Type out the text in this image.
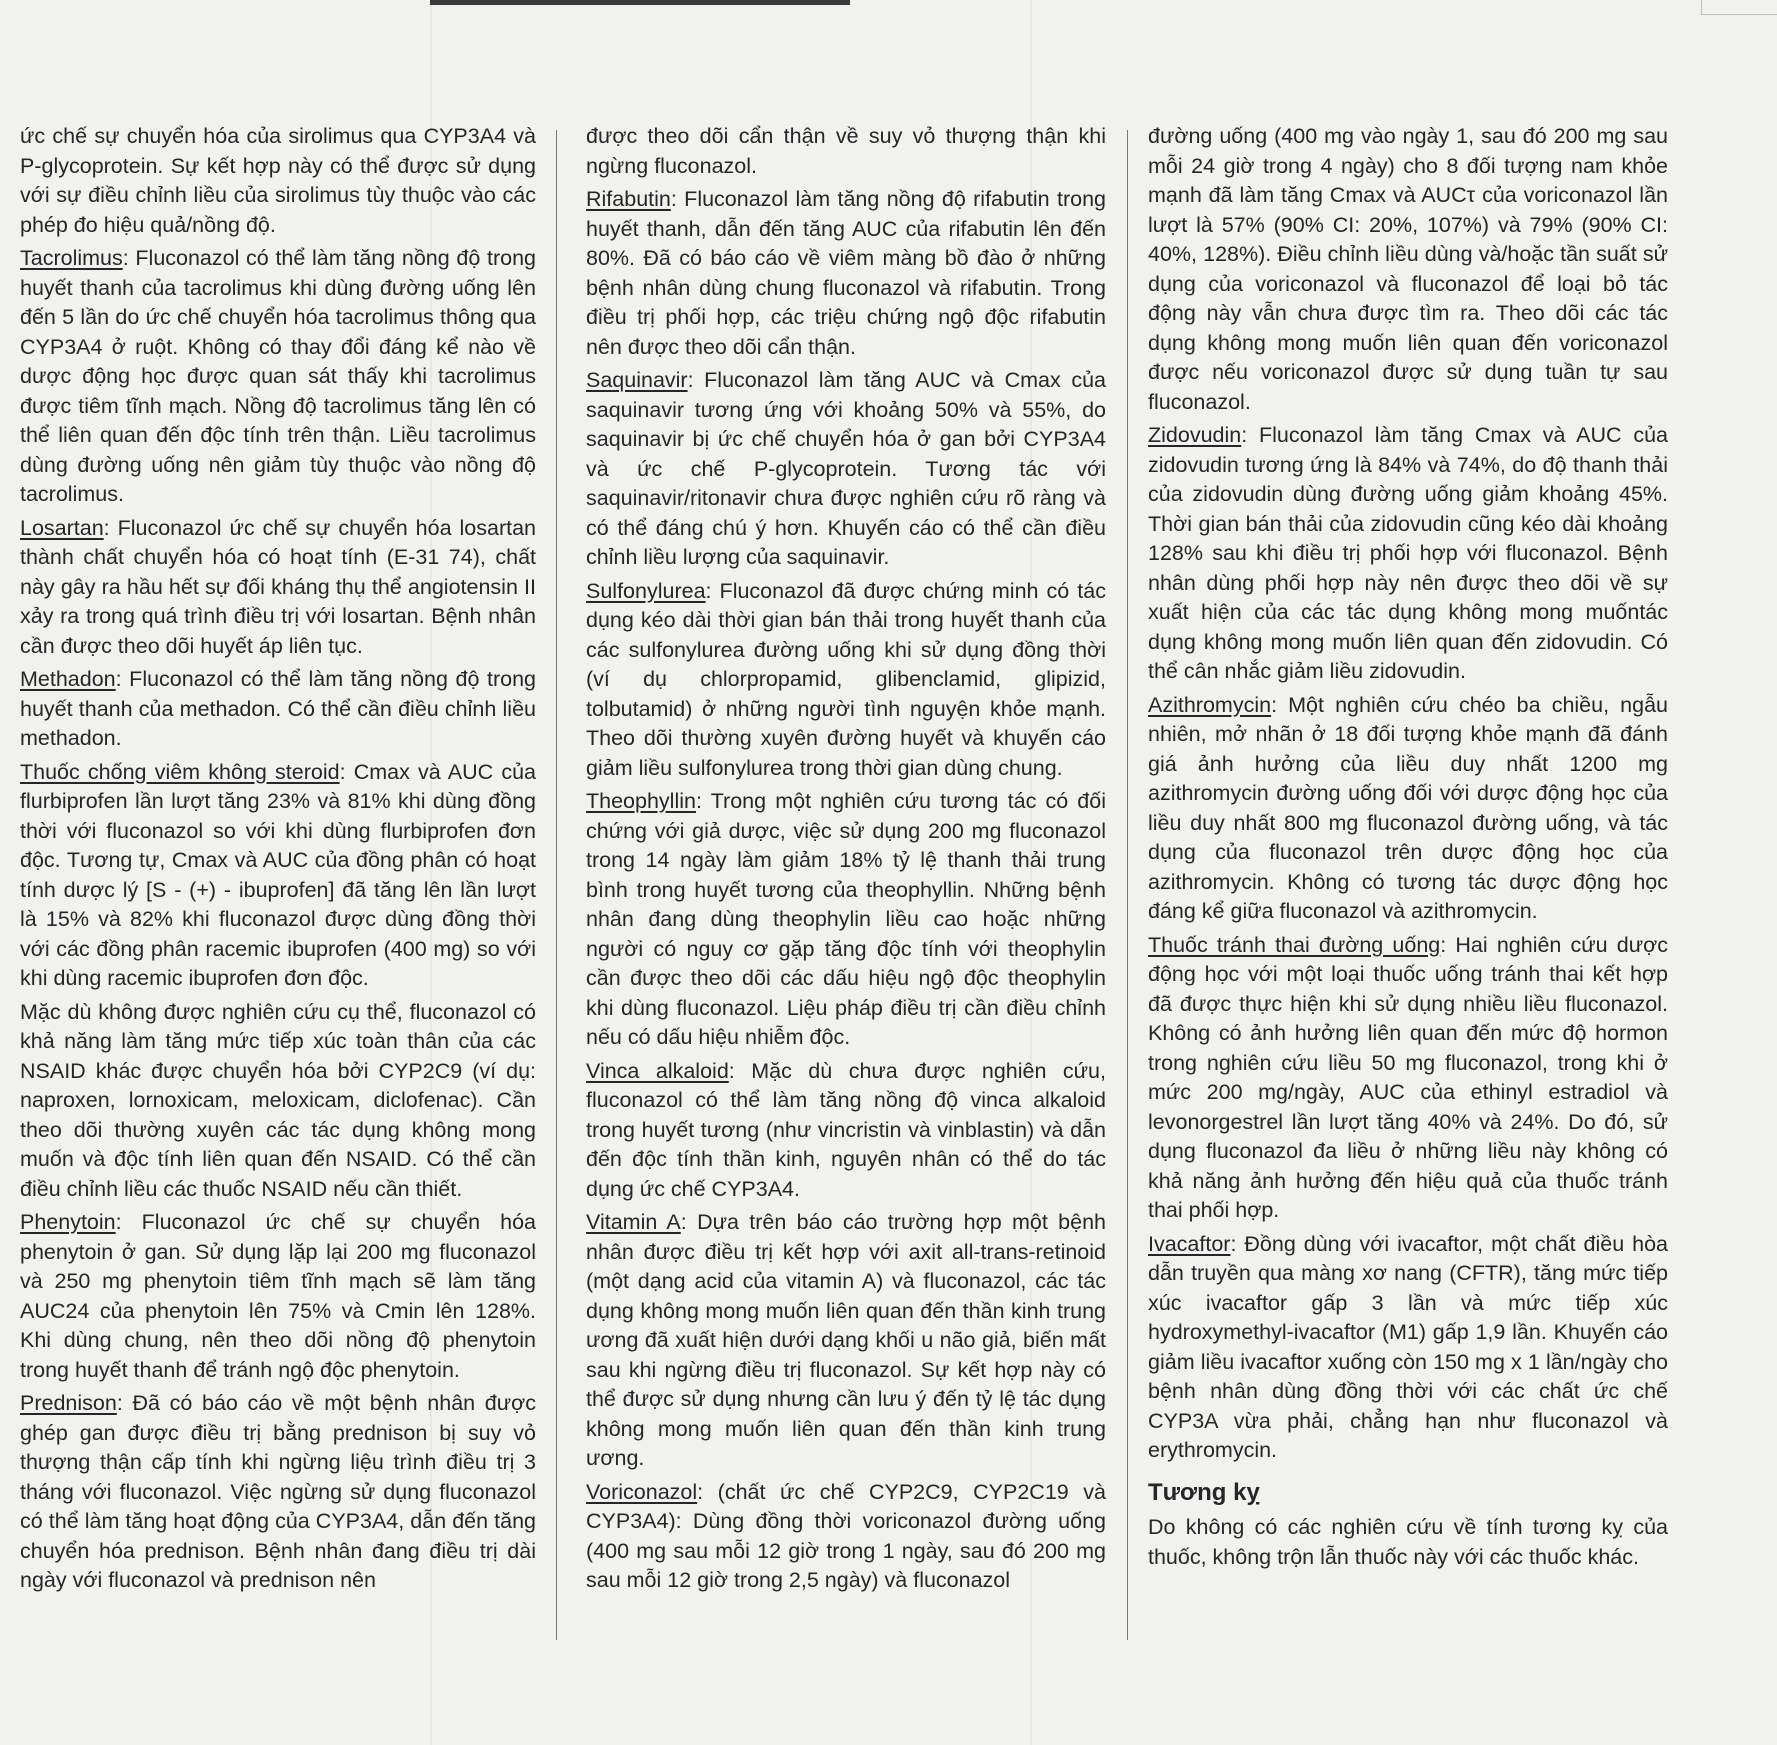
ức chế sự chuyển hóa của sirolimus qua CYP3A4 và P-glycoprotein. Sự kết hợp này có thể được sử dụng với sự điều chỉnh liều của sirolimus tùy thuộc vào các phép đo hiệu quả/nồng độ.

Tacrolimus: Fluconazol có thể làm tăng nồng độ trong huyết thanh của tacrolimus khi dùng đường uống lên đến 5 lần do ức chế chuyển hóa tacrolimus thông qua CYP3A4 ở ruột. Không có thay đổi đáng kể nào về dược động học được quan sát thấy khi tacrolimus được tiêm tĩnh mạch. Nồng độ tacrolimus tăng lên có thể liên quan đến độc tính trên thận. Liều tacrolimus dùng đường uống nên giảm tùy thuộc vào nồng độ tacrolimus.

Losartan: Fluconazol ức chế sự chuyển hóa losartan thành chất chuyển hóa có hoạt tính (E-31 74), chất này gây ra hầu hết sự đối kháng thụ thể angiotensin II xảy ra trong quá trình điều trị với losartan. Bệnh nhân cần được theo dõi huyết áp liên tục.

Methadon: Fluconazol có thể làm tăng nồng độ trong huyết thanh của methadon. Có thể cần điều chỉnh liều methadon.

Thuốc chống viêm không steroid: Cmax và AUC của flurbiprofen lần lượt tăng 23% và 81% khi dùng đồng thời với fluconazol so với khi dùng flurbiprofen đơn độc. Tương tự, Cmax và AUC của đồng phân có hoạt tính dược lý [S - (+) - ibuprofen] đã tăng lên lần lượt là 15% và 82% khi fluconazol được dùng đồng thời với các đồng phân racemic ibuprofen (400 mg) so với khi dùng racemic ibuprofen đơn độc.

Mặc dù không được nghiên cứu cụ thể, fluconazol có khả năng làm tăng mức tiếp xúc toàn thân của các NSAID khác được chuyển hóa bởi CYP2C9 (ví dụ: naproxen, lornoxicam, meloxicam, diclofenac). Cần theo dõi thường xuyên các tác dụng không mong muốn và độc tính liên quan đến NSAID. Có thể cần điều chỉnh liều các thuốc NSAID nếu cần thiết.

Phenytoin: Fluconazol ức chế sự chuyển hóa phenytoin ở gan. Sử dụng lặp lại 200 mg fluconazol và 250 mg phenytoin tiêm tĩnh mạch sẽ làm tăng AUC24 của phenytoin lên 75% và Cmin lên 128%. Khi dùng chung, nên theo dõi nồng độ phenytoin trong huyết thanh để tránh ngộ độc phenytoin.

Prednison: Đã có báo cáo về một bệnh nhân được ghép gan được điều trị bằng prednison bị suy vỏ thượng thận cấp tính khi ngừng liệu trình điều trị 3 tháng với fluconazol. Việc ngừng sử dụng fluconazol có thể làm tăng hoạt động của CYP3A4, dẫn đến tăng chuyển hóa prednison. Bệnh nhân đang điều trị dài ngày với fluconazol và prednison nên

được theo dõi cẩn thận về suy vỏ thượng thận khi ngừng fluconazol.

Rifabutin: Fluconazol làm tăng nồng độ rifabutin trong huyết thanh, dẫn đến tăng AUC của rifabutin lên đến 80%. Đã có báo cáo về viêm màng bồ đào ở những bệnh nhân dùng chung fluconazol và rifabutin. Trong điều trị phối hợp, các triệu chứng ngộ độc rifabutin nên được theo dõi cẩn thận.

Saquinavir: Fluconazol làm tăng AUC và Cmax của saquinavir tương ứng với khoảng 50% và 55%, do saquinavir bị ức chế chuyển hóa ở gan bởi CYP3A4 và ức chế P-glycoprotein. Tương tác với saquinavir/ritonavir chưa được nghiên cứu rõ ràng và có thể đáng chú ý hơn. Khuyến cáo có thể cần điều chỉnh liều lượng của saquinavir.

Sulfonylurea: Fluconazol đã được chứng minh có tác dụng kéo dài thời gian bán thải trong huyết thanh của các sulfonylurea đường uống khi sử dụng đồng thời (ví dụ chlorpropamid, glibenclamid, glipizid, tolbutamid) ở những người tình nguyện khỏe mạnh. Theo dõi thường xuyên đường huyết và khuyến cáo giảm liều sulfonylurea trong thời gian dùng chung.

Theophyllin: Trong một nghiên cứu tương tác có đối chứng với giả dược, việc sử dụng 200 mg fluconazol trong 14 ngày làm giảm 18% tỷ lệ thanh thải trung bình trong huyết tương của theophyllin. Những bệnh nhân đang dùng theophylin liều cao hoặc những người có nguy cơ gặp tăng độc tính với theophylin cần được theo dõi các dấu hiệu ngộ độc theophylin khi dùng fluconazol. Liệu pháp điều trị cần điều chỉnh nếu có dấu hiệu nhiễm độc.

Vinca alkaloid: Mặc dù chưa được nghiên cứu, fluconazol có thể làm tăng nồng độ vinca alkaloid trong huyết tương (như vincristin và vinblastin) và dẫn đến độc tính thần kinh, nguyên nhân có thể do tác dụng ức chế CYP3A4.

Vitamin A: Dựa trên báo cáo trường hợp một bệnh nhân được điều trị kết hợp với axit all-trans-retinoid (một dạng acid của vitamin A) và fluconazol, các tác dụng không mong muốn liên quan đến thần kinh trung ương đã xuất hiện dưới dạng khối u não giả, biến mất sau khi ngừng điều trị fluconazol. Sự kết hợp này có thể được sử dụng nhưng cần lưu ý đến tỷ lệ tác dụng không mong muốn liên quan đến thần kinh trung ương.

Voriconazol: (chất ức chế CYP2C9, CYP2C19 và CYP3A4): Dùng đồng thời voriconazol đường uống (400 mg sau mỗi 12 giờ trong 1 ngày, sau đó 200 mg sau mỗi 12 giờ trong 2,5 ngày) và fluconazol

đường uống (400 mg vào ngày 1, sau đó 200 mg sau mỗi 24 giờ trong 4 ngày) cho 8 đối tượng nam khỏe mạnh đã làm tăng Cmax và AUCτ của voriconazol lần lượt là 57% (90% CI: 20%, 107%) và 79% (90% CI: 40%, 128%). Điều chỉnh liều dùng và/hoặc tần suất sử dụng của voriconazol và fluconazol để loại bỏ tác động này vẫn chưa được tìm ra. Theo dõi các tác dụng không mong muốn liên quan đến voriconazol được nếu voriconazol được sử dụng tuần tự sau fluconazol.

Zidovudin: Fluconazol làm tăng Cmax và AUC của zidovudin tương ứng là 84% và 74%, do độ thanh thải của zidovudin dùng đường uống giảm khoảng 45%. Thời gian bán thải của zidovudin cũng kéo dài khoảng 128% sau khi điều trị phối hợp với fluconazol. Bệnh nhân dùng phối hợp này nên được theo dõi về sự xuất hiện của các tác dụng không mong muốntác dụng không mong muốn liên quan đến zidovudin. Có thể cân nhắc giảm liều zidovudin.

Azithromycin: Một nghiên cứu chéo ba chiều, ngẫu nhiên, mở nhãn ở 18 đối tượng khỏe mạnh đã đánh giá ảnh hưởng của liều duy nhất 1200 mg azithromycin đường uống đối với dược động học của liều duy nhất 800 mg fluconazol đường uống, và tác dụng của fluconazol trên dược động học của azithromycin. Không có tương tác dược động học đáng kể giữa fluconazol và azithromycin.

Thuốc tránh thai đường uống: Hai nghiên cứu dược động học với một loại thuốc uống tránh thai kết hợp đã được thực hiện khi sử dụng nhiều liều fluconazol. Không có ảnh hưởng liên quan đến mức độ hormon trong nghiên cứu liều 50 mg fluconazol, trong khi ở mức 200 mg/ngày, AUC của ethinyl estradiol và levonorgestrel lần lượt tăng 40% và 24%. Do đó, sử dụng fluconazol đa liều ở những liều này không có khả năng ảnh hưởng đến hiệu quả của thuốc tránh thai phối hợp.

Ivacaftor: Đồng dùng với ivacaftor, một chất điều hòa dẫn truyền qua màng xơ nang (CFTR), tăng mức tiếp xúc ivacaftor gấp 3 lần và mức tiếp xúc hydroxymethyl-ivacaftor (M1) gấp 1,9 lần. Khuyến cáo giảm liều ivacaftor xuống còn 150 mg x 1 lần/ngày cho bệnh nhân dùng đồng thời với các chất ức chế CYP3A vừa phải, chẳng hạn như fluconazol và erythromycin.

Tương kỵ

Do không có các nghiên cứu về tính tương kỵ của thuốc, không trộn lẫn thuốc này với các thuốc khác.
